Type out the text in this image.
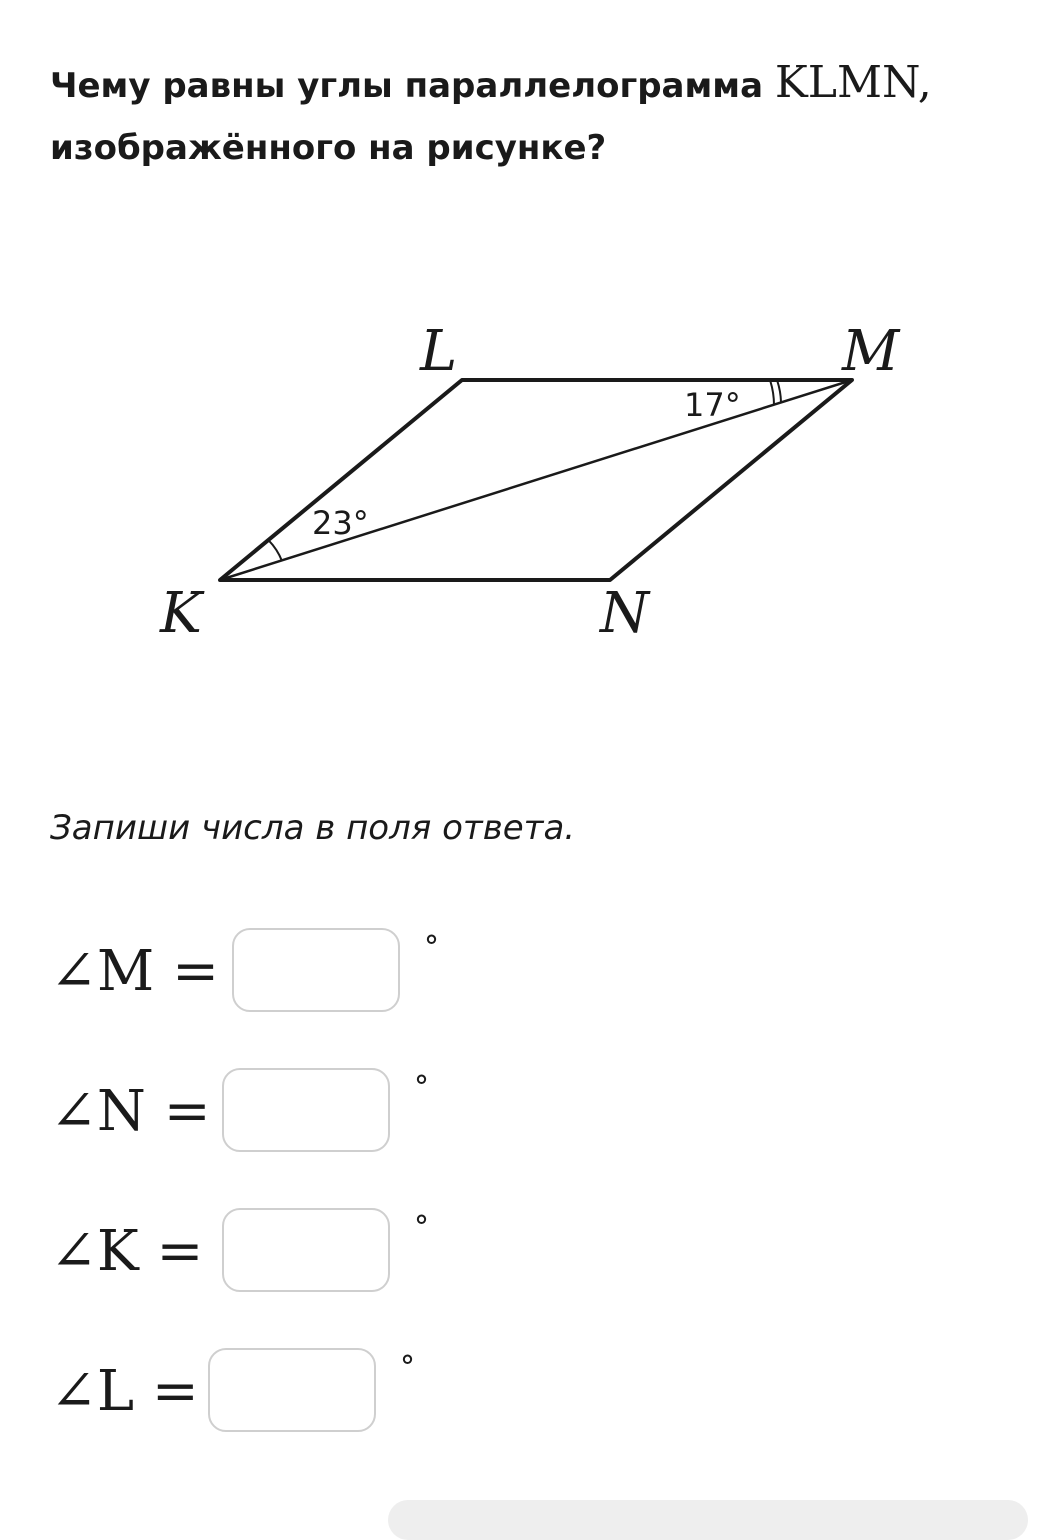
Чему равны углы параллелограмма KLMN,
изображённого на рисунке?
23°
17°
L	M
K	N
Запиши числа в поля ответа.
∠M =	°
∠N =	°
∠K =	°
∠L =	°
